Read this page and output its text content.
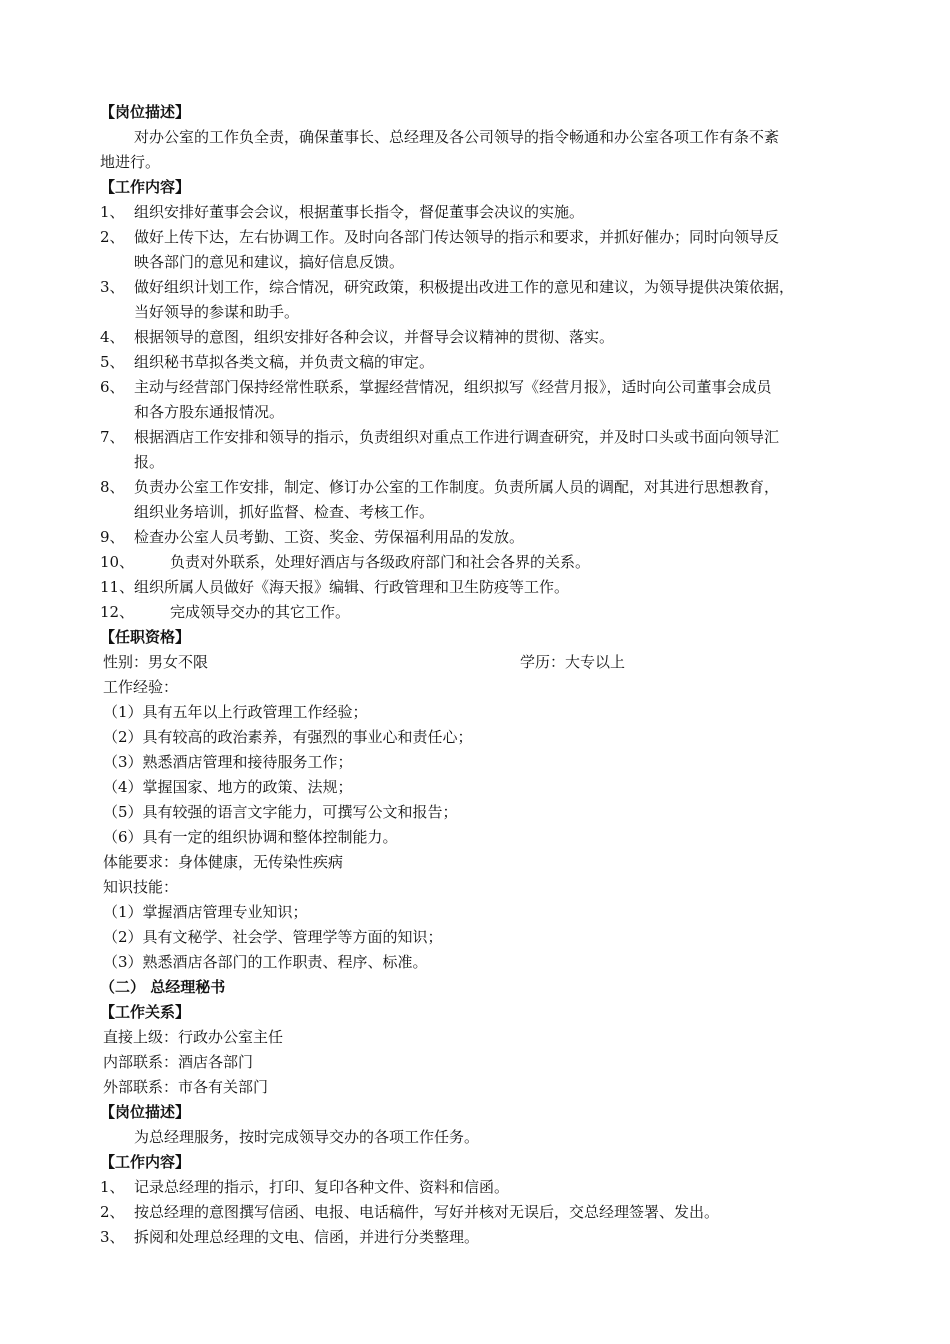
【岗位描述】
对办公室的工作负全责，确保董事长、总经理及各公司领导的指令畅通和办公室各项工作有条不紊
地进行。
【工作内容】
1、 组织安排好董事会会议，根据董事长指令，督促董事会决议的实施。
2、 做好上传下达，左右协调工作。及时向各部门传达领导的指示和要求，并抓好催办；同时向领导反
映各部门的意见和建议，搞好信息反馈。
3、 做好组织计划工作，综合情况，研究政策，积极提出改进工作的意见和建议，为领导提供决策依据，
当好领导的参谋和助手。
4、 根据领导的意图，组织安排好各种会议，并督导会议精神的贯彻、落实。
5、 组织秘书草拟各类文稿，并负责文稿的审定。
6、 主动与经营部门保持经常性联系，掌握经营情况，组织拟写《经营月报》，适时向公司董事会成员
和各方股东通报情况。
7、 根据酒店工作安排和领导的指示，负责组织对重点工作进行调查研究，并及时口头或书面向领导汇
报。
8、 负责办公室工作安排，制定、修订办公室的工作制度。负责所属人员的调配，对其进行思想教育，
组织业务培训，抓好监督、检查、考核工作。
9、 检查办公室人员考勤、工资、奖金、劳保福利用品的发放。
10、 负责对外联系，处理好酒店与各级政府部门和社会各界的关系。
11、 组织所属人员做好《海天报》编辑、行政管理和卫生防疫等工作。
12、 完成领导交办的其它工作。
【任职资格】
性别：男女不限	学历：大专以上
工作经验：
（1）具有五年以上行政管理工作经验；
（2）具有较高的政治素养，有强烈的事业心和责任心；
（3）熟悉酒店管理和接待服务工作；
（4）掌握国家、地方的政策、法规；
（5）具有较强的语言文字能力，可撰写公文和报告；
（6）具有一定的组织协调和整体控制能力。
体能要求：身体健康，无传染性疾病
知识技能：
（1）掌握酒店管理专业知识；
（2）具有文秘学、社会学、管理学等方面的知识；
（3）熟悉酒店各部门的工作职责、程序、标准。
（二） 总经理秘书
【工作关系】
直接上级：行政办公室主任
内部联系：酒店各部门
外部联系：市各有关部门
【岗位描述】
为总经理服务，按时完成领导交办的各项工作任务。
【工作内容】
1、 记录总经理的指示，打印、复印各种文件、资料和信函。
2、 按总经理的意图撰写信函、电报、电话稿件，写好并核对无误后，交总经理签署、发出。
3、 拆阅和处理总经理的文电、信函，并进行分类整理。
